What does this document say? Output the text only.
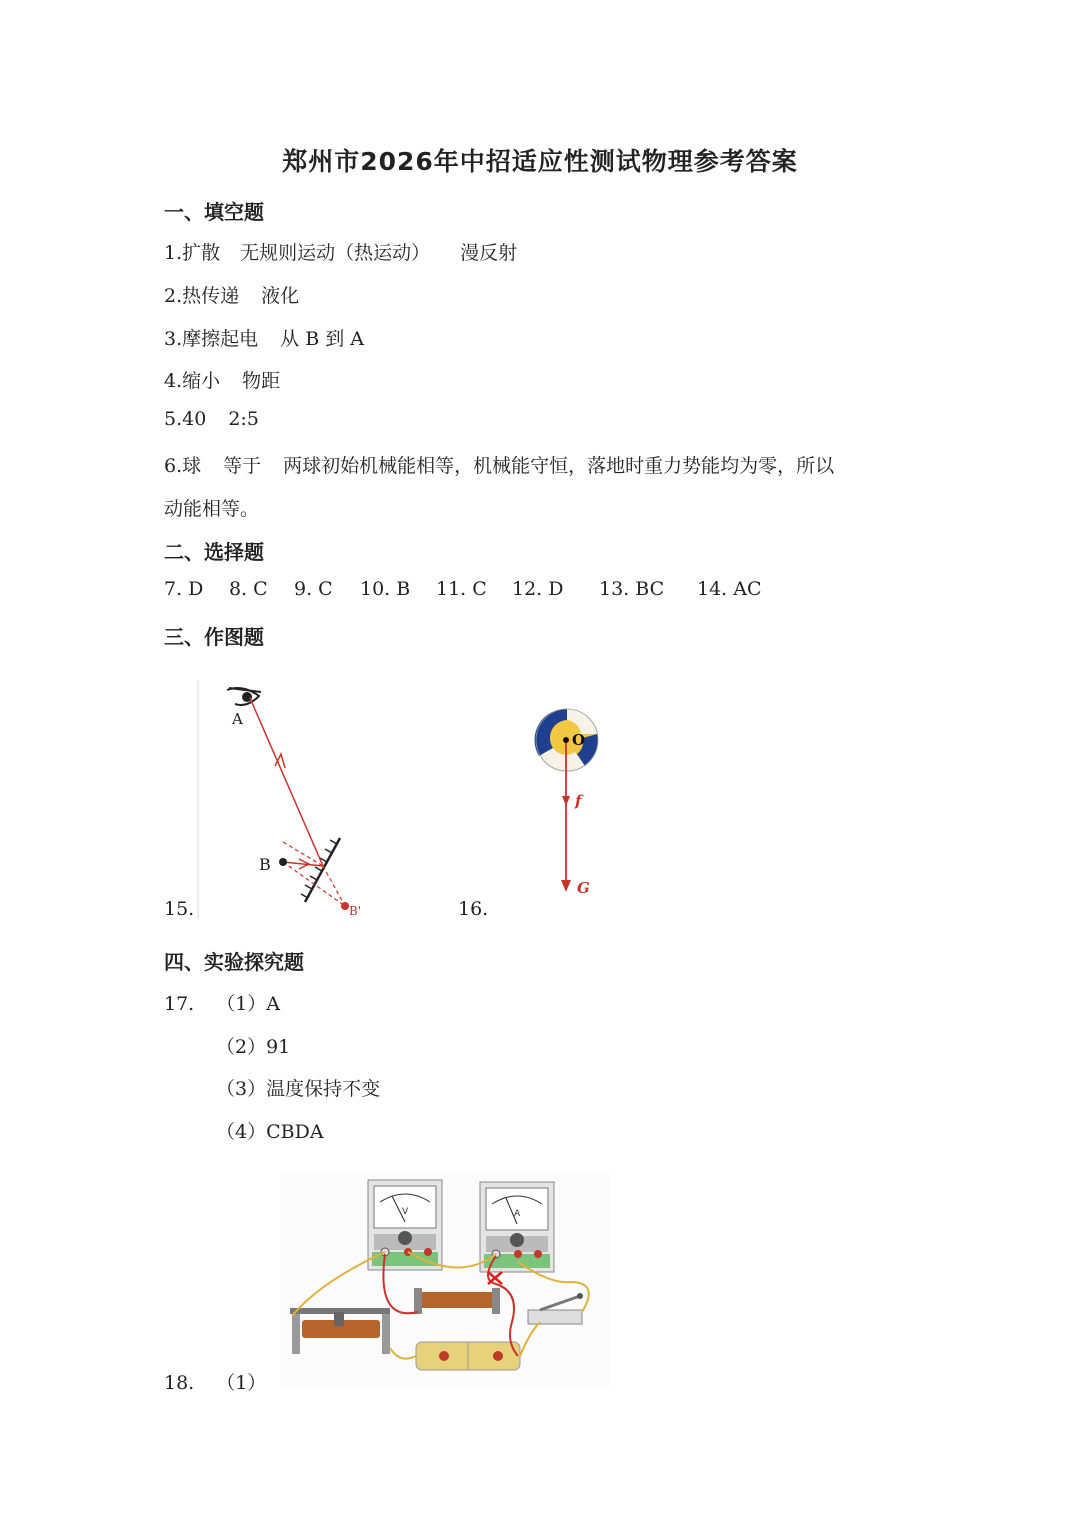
郑州市2026年中招适应性测试物理参考答案
一、填空题
1.扩散 无规则运动（热运动） 漫反射
2.热传递 液化
3.摩擦起电 从 B 到 A
4.缩小 物距
5.40 2:5
6.球 等于 两球初始机械能相等，机械能守恒，落地时重力势能均为零，所以
动能相等。
二、选择题
7. D 8. C 9. C 10. B 11. C 12. D 13. BC 14. AC
三、作图题
A
B
B'
15.
O
f
G
16.
四、实验探究题
17. （1）A
（2）91
（3）温度保持不变
（4）CBDA
V	A
18. （1）
